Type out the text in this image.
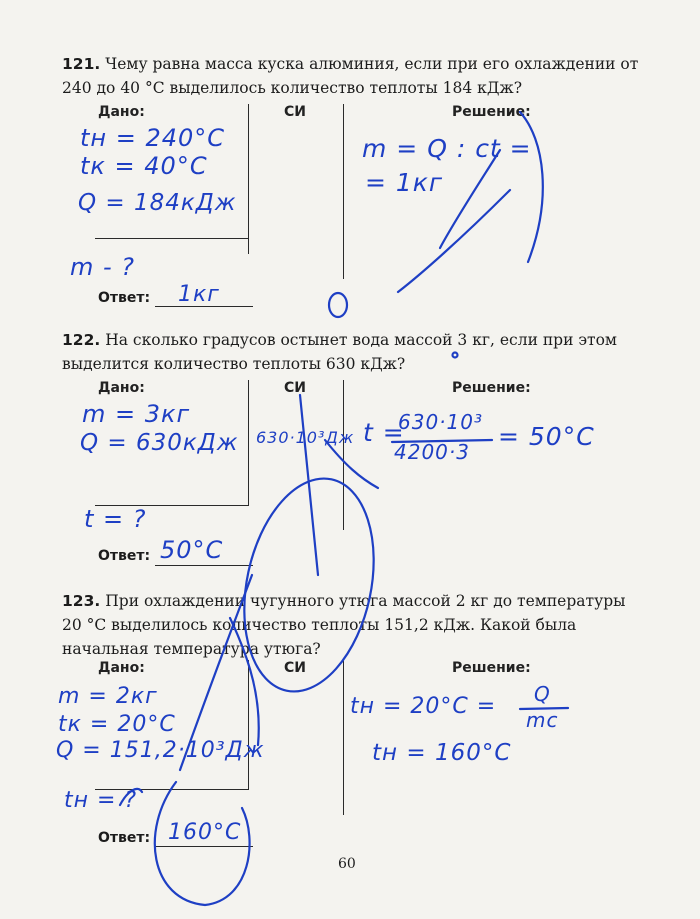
121. Чему равна масса куска алюминия, если при его охлаждении от

240 до 40 °С выделилось количество теплоты 184 кДж?

Дано:	СИ	Решение:
tн = 240°C
tк = 40°C
Q = 184кДж
m - ?
m = Q : ct =
= 1кг
Ответ: 1кг

122. На сколько градусов остынет вода массой 3 кг, если при этом

выделится количество теплоты 630 кДж?

Дано:	СИ	Решение:
m = 3кг
Q = 630кДж
t = ?
630·10³Дж t =
630·10³
4200·3
= 50°C
Ответ: 50°C

123. При охлаждении чугунного утюга массой 2 кг до температуры

20 °С выделилось количество теплоты 151,2 кДж. Какой была

начальная температура утюга?

Дано:	СИ	Решение:
m = 2кг
tк = 20°C
Q = 151,2·10³Дж
tн = ?
tн = 20°C = Q
mc
tн = 160°C
Ответ: 160°C
60
